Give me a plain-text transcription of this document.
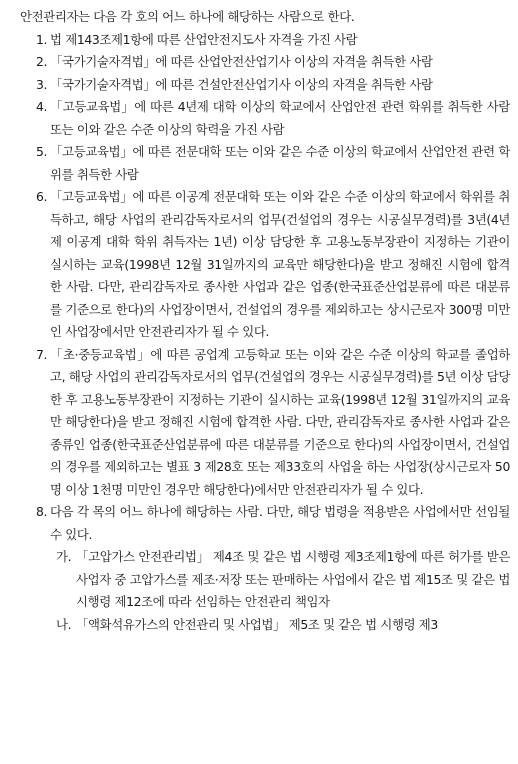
안전관리자는 다음 각 호의 어느 하나에 해당하는 사람으로 한다.

1. 법 제143조제1항에 따른 산업안전지도사 자격을 가진 사람
2. 「국가기술자격법」에 따른 산업안전산업기사 이상의 자격을 취득한 사람
3. 「국가기술자격법」에 따른 건설안전산업기사 이상의 자격을 취득한 사람
4. 「고등교육법」에 따른 4년제 대학 이상의 학교에서 산업안전 관련 학위를 취득한 사람 또는 이와 같은 수준 이상의 학력을 가진 사람
5. 「고등교육법」에 따른 전문대학 또는 이와 같은 수준 이상의 학교에서 산업안전 관련 학위를 취득한 사람
6. 「고등교육법」에 따른 이공계 전문대학 또는 이와 같은 수준 이상의 학교에서 학위를 취득하고, 해당 사업의 관리감독자로서의 업무(건설업의 경우는 시공실무경력)를 3년(4년제 이공계 대학 학위 취득자는 1년) 이상 담당한 후 고용노동부장관이 지정하는 기관이 실시하는 교육(1998년 12월 31일까지의 교육만 해당한다)을 받고 정해진 시험에 합격한 사람. 다만, 관리감독자로 종사한 사업과 같은 업종(한국표준산업분류에 따른 대분류를 기준으로 한다)의 사업장이면서, 건설업의 경우를 제외하고는 상시근로자 300명 미만인 사업장에서만 안전관리자가 될 수 있다.
7. 「초·중등교육법」에 따른 공업계 고등학교 또는 이와 같은 수준 이상의 학교를 졸업하고, 해당 사업의 관리감독자로서의 업무(건설업의 경우는 시공실무경력)를 5년 이상 담당한 후 고용노동부장관이 지정하는 기관이 실시하는 교육(1998년 12월 31일까지의 교육만 해당한다)을 받고 정해진 시험에 합격한 사람. 다만, 관리감독자로 종사한 사업과 같은 종류인 업종(한국표준산업분류에 따른 대분류를 기준으로 한다)의 사업장이면서, 건설업의 경우를 제외하고는 별표 3 제28호 또는 제33호의 사업을 하는 사업장(상시근로자 50명 이상 1천명 미만인 경우만 해당한다)에서만 안전관리자가 될 수 있다.
8. 다음 각 목의 어느 하나에 해당하는 사람. 다만, 해당 법령을 적용받은 사업에서만 선임될 수 있다.
가. 「고압가스 안전관리법」 제4조 및 같은 법 시행령 제3조제1항에 따른 허가를 받은 사업자 중 고압가스를 제조·저장 또는 판매하는 사업에서 같은 법 제15조 및 같은 법 시행령 제12조에 따라 선임하는 안전관리 책임자
나. 「액화석유가스의 안전관리 및 사업법」 제5조 및 같은 법 시행령 제3
